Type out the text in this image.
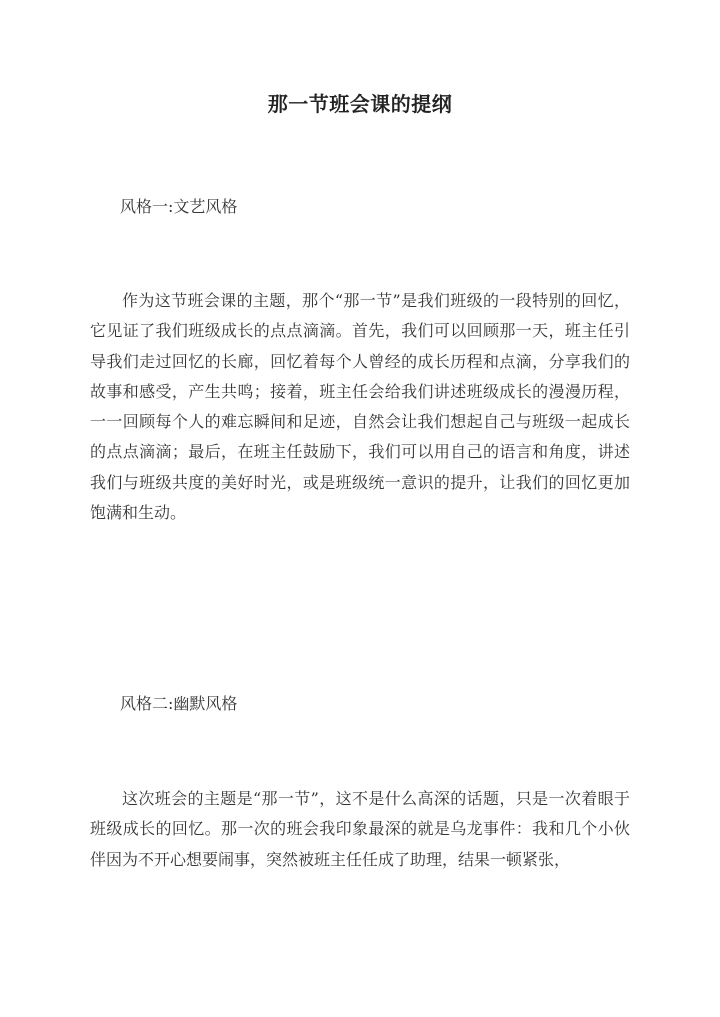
那一节班会课的提纲

风格一:文艺风格

作为这节班会课的主题，那个“那一节”是我们班级的一段特别的回忆，它见证了我们班级成长的点点滴滴。首先，我们可以回顾那一天，班主任引导我们走过回忆的长廊，回忆着每个人曾经的成长历程和点滴，分享我们的故事和感受，产生共鸣；接着，班主任会给我们讲述班级成长的漫漫历程，一一回顾每个人的难忘瞬间和足迹，自然会让我们想起自己与班级一起成长的点点滴滴；最后，在班主任鼓励下，我们可以用自己的语言和角度，讲述我们与班级共度的美好时光，或是班级统一意识的提升，让我们的回忆更加饱满和生动。

风格二:幽默风格

这次班会的主题是“那一节”，这不是什么高深的话题，只是一次着眼于班级成长的回忆。那一次的班会我印象最深的就是乌龙事件：我和几个小伙伴因为不开心想要闹事，突然被班主任任成了助理，结果一顿紧张，
